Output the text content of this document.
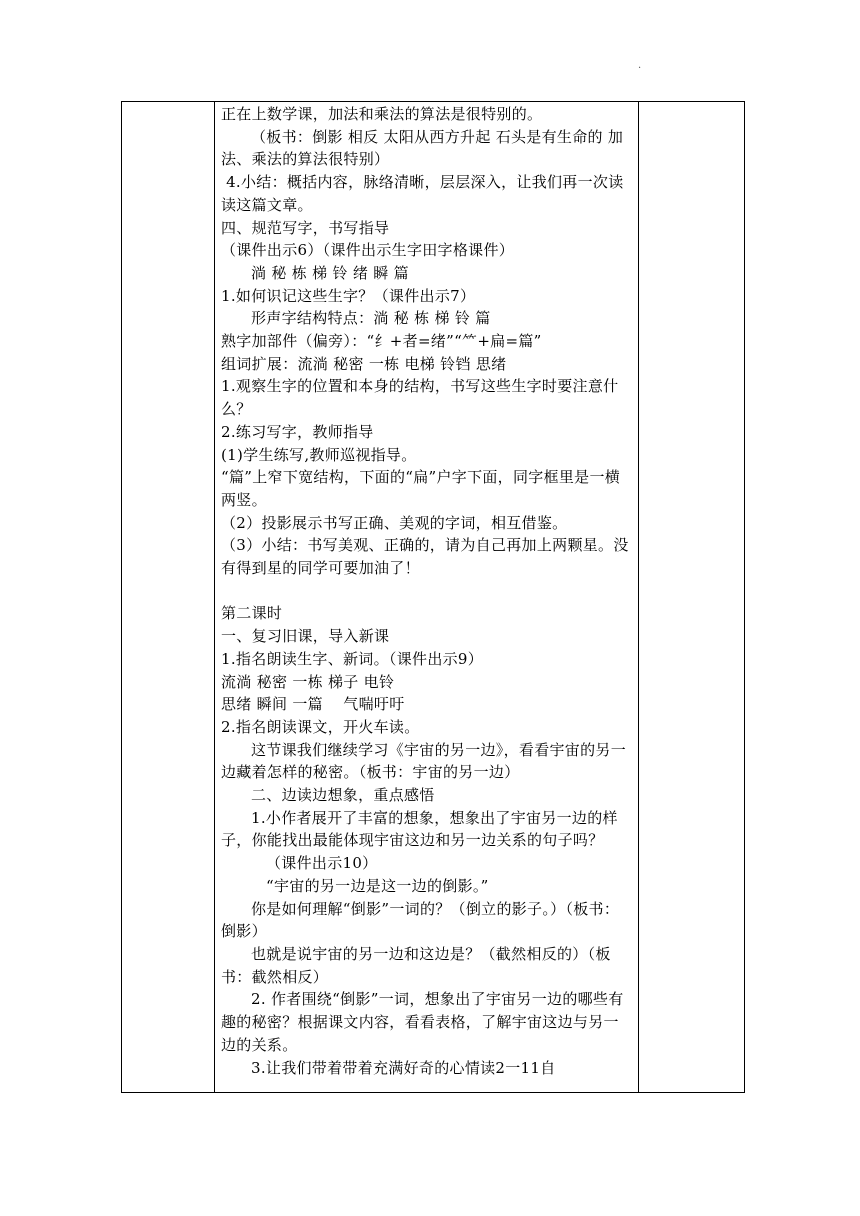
.

正在上数学课，加法和乘法的算法是很特别的。

（板书：倒影 相反 太阳从西方升起 石头是有生命的 加法、乘法的算法很特别）

4.小结：概括内容，脉络清晰，层层深入，让我们再一次读读这篇文章。

四、规范写字，书写指导

（课件出示6）（课件出示生字田字格课件）

淌 秘 栋 梯 铃 绪 瞬 篇

1.如何识记这些生字？（课件出示7）

形声字结构特点：淌 秘 栋 梯 铃 篇

熟字加部件（偏旁）：“纟+者=绪”“⺮+扁=篇”

组词扩展：流淌 秘密 一栋 电梯 铃铛 思绪

1.观察生字的位置和本身的结构，书写这些生字时要注意什么？

2.练习写字，教师指导

(1)学生练写,教师巡视指导。

“篇”上窄下宽结构，下面的“扁”户字下面，同字框里是一横两竖。

（2）投影展示书写正确、美观的字词，相互借鉴。

（3）小结：书写美观、正确的，请为自己再加上两颗星。没有得到星的同学可要加油了！

第二课时

一、复习旧课，导入新课

1.指名朗读生字、新词。（课件出示9）

流淌 秘密 一栋 梯子 电铃

思绪 瞬间 一篇　 气喘吁吁

2.指名朗读课文，开火车读。

这节课我们继续学习《宇宙的另一边》，看看宇宙的另一边藏着怎样的秘密。（板书：宇宙的另一边）

二、边读边想象，重点感悟

1.小作者展开了丰富的想象，想象出了宇宙另一边的样子，你能找出最能体现宇宙这边和另一边关系的句子吗？

（课件出示10）

“宇宙的另一边是这一边的倒影。”

你是如何理解“倒影”一词的？（倒立的影子。）（板书：倒影）

也就是说宇宙的另一边和这边是？（截然相反的）（板书：截然相反）

2. 作者围绕“倒影”一词，想象出了宇宙另一边的哪些有趣的秘密？根据课文内容，看看表格，了解宇宙这边与另一边的关系。

3.让我们带着带着充满好奇的心情读2一11自
